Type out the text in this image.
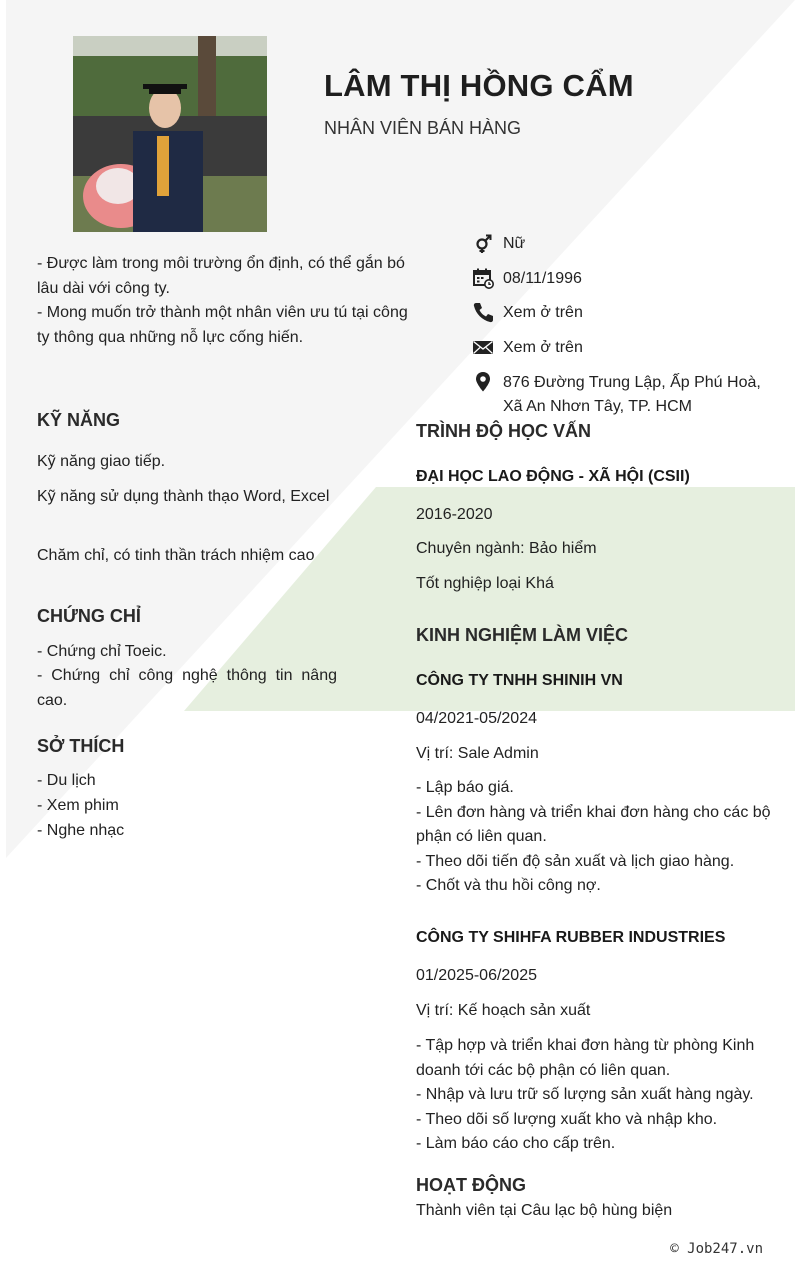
LÂM THỊ HỒNG CẨM
NHÂN VIÊN BÁN HÀNG
- Được làm trong môi trường ổn định, có thể gắn bó lâu dài với công ty.
- Mong muốn trở thành một nhân viên ưu tú tại công ty thông qua những nỗ lực cống hiến.
Nữ
08/11/1996
Xem ở trên
Xem ở trên
876 Đường Trung Lập, Ấp Phú Hoà, Xã An Nhơn Tây, TP. HCM
KỸ NĂNG
Kỹ năng giao tiếp.
Kỹ năng sử dụng thành thạo Word, Excel
Chăm chỉ, có tinh thần trách nhiệm cao
CHỨNG CHỈ
- Chứng chỉ Toeic.
- Chứng chỉ công nghệ thông tin nâng cao.
SỞ THÍCH
- Du lịch
- Xem phim
- Nghe nhạc
TRÌNH ĐỘ HỌC VẤN
ĐẠI HỌC LAO ĐỘNG - XÃ HỘI (CSII)
2016-2020
Chuyên ngành: Bảo hiểm
Tốt nghiệp loại Khá
KINH NGHIỆM LÀM VIỆC
CÔNG TY TNHH SHINIH VN
04/2021-05/2024
Vị trí: Sale Admin
- Lập báo giá.
- Lên đơn hàng và triển khai đơn hàng cho các bộ phận có liên quan.
- Theo dõi tiến độ sản xuất và lịch giao hàng.
- Chốt và thu hồi công nợ.
CÔNG TY SHIHFA RUBBER INDUSTRIES
01/2025-06/2025
Vị trí: Kế hoạch sản xuất
- Tập hợp và triển khai đơn hàng từ phòng Kinh doanh tới các bộ phận có liên quan.
- Nhập và lưu trữ số lượng sản xuất hàng ngày.
- Theo dõi số lượng xuất kho và nhập kho.
- Làm báo cáo cho cấp trên.
HOẠT ĐỘNG
Thành viên tại Câu lạc bộ hùng biện
© Job247.vn
